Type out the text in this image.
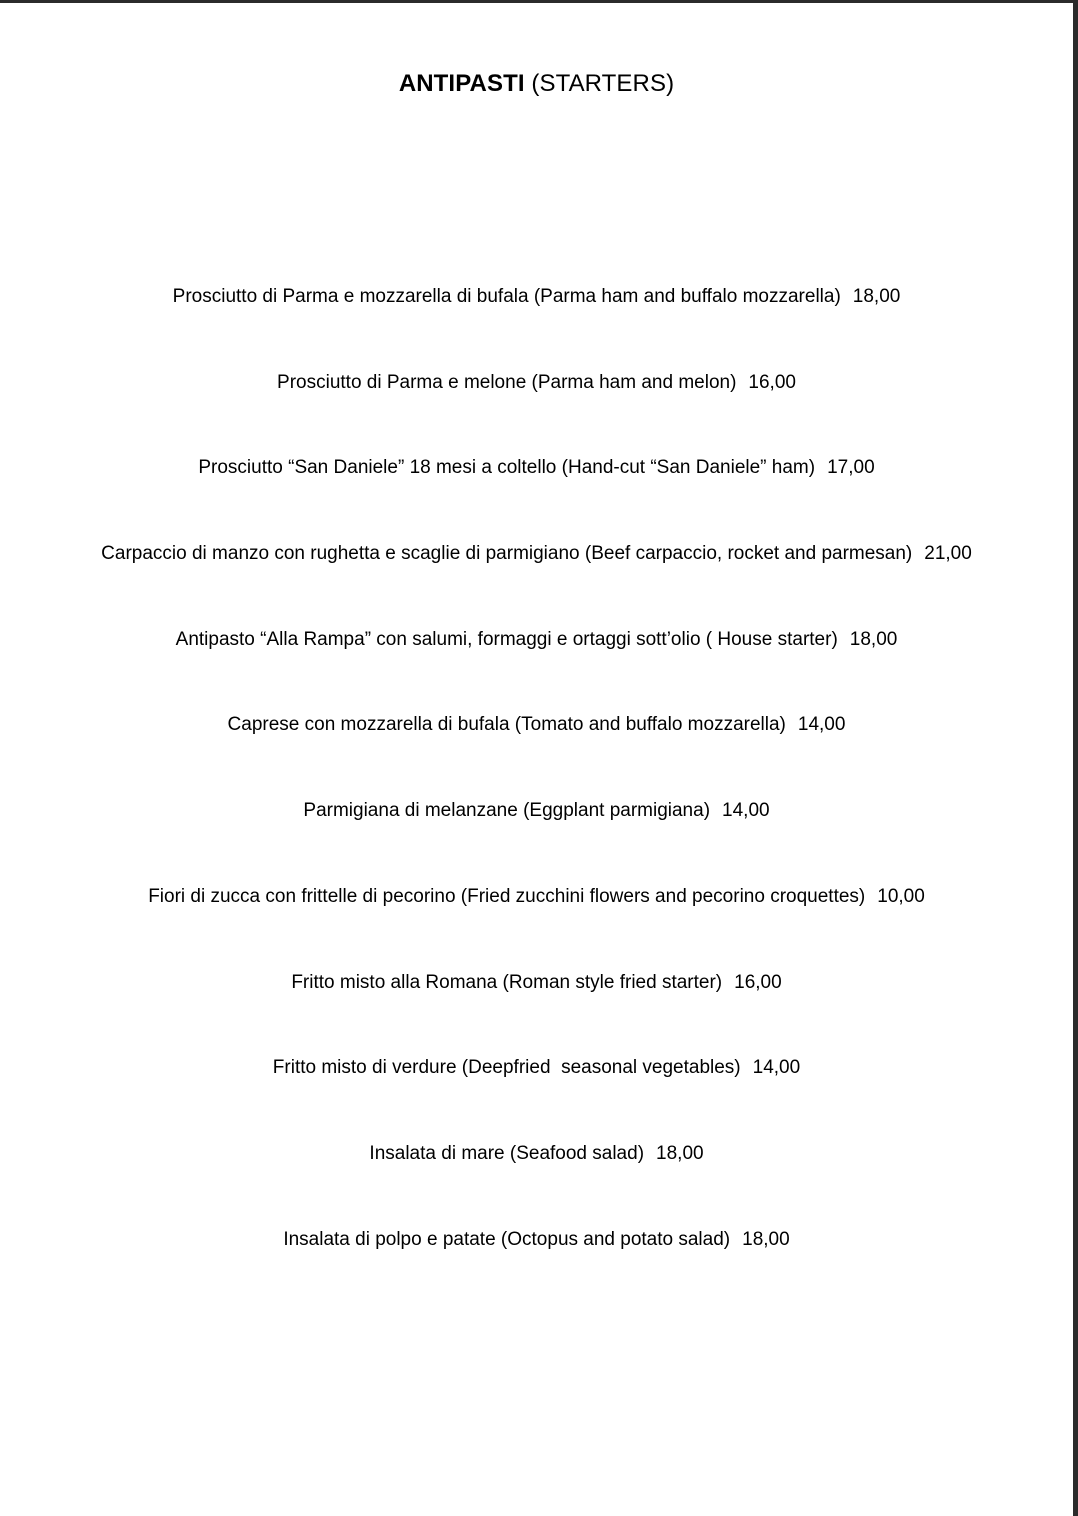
ANTIPASTI (STARTERS)
Prosciutto di Parma e mozzarella di bufala (Parma ham and buffalo mozzarella) 18,00
Prosciutto di Parma e melone (Parma ham and melon) 16,00
Prosciutto “San Daniele” 18 mesi a coltello (Hand-cut “San Daniele” ham) 17,00
Carpaccio di manzo con rughetta e scaglie di parmigiano (Beef carpaccio, rocket and parmesan) 21,00
Antipasto “Alla Rampa” con salumi, formaggi e ortaggi sott’olio ( House starter) 18,00
Caprese con mozzarella di bufala (Tomato and buffalo mozzarella) 14,00
Parmigiana di melanzane (Eggplant parmigiana) 14,00
Fiori di zucca con frittelle di pecorino (Fried zucchini flowers and pecorino croquettes) 10,00
Fritto misto alla Romana (Roman style fried starter) 16,00
Fritto misto di verdure (Deepfried  seasonal vegetables) 14,00
Insalata di mare (Seafood salad) 18,00
Insalata di polpo e patate (Octopus and potato salad) 18,00
